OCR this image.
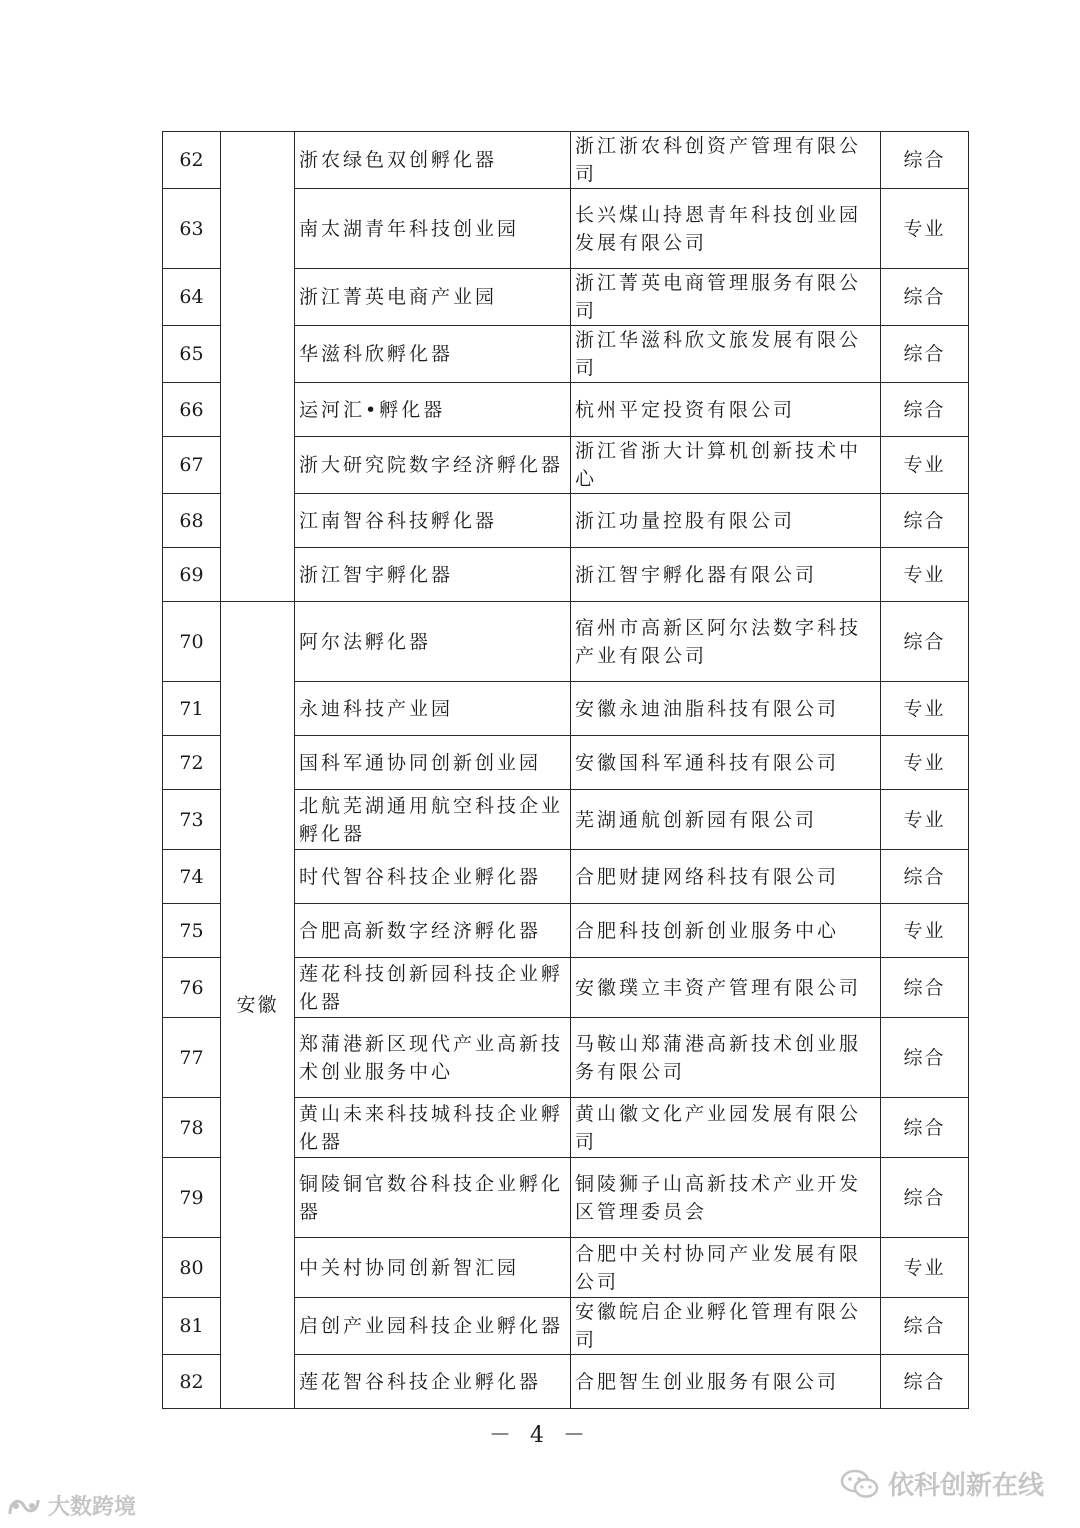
62		浙农绿色双创孵化器	浙江浙农科创资产管理有限公司	综合
63		南太湖青年科技创业园	长兴煤山持恩青年科技创业园发展有限公司	专业
64		浙江菁英电商产业园	浙江菁英电商管理服务有限公司	综合
65		华滋科欣孵化器	浙江华滋科欣文旅发展有限公司	综合
66		运河汇•孵化器	杭州平定投资有限公司	综合
67		浙大研究院数字经济孵化器	浙江省浙大计算机创新技术中心	专业
68		江南智谷科技孵化器	浙江功量控股有限公司	综合
69		浙江智宇孵化器	浙江智宇孵化器有限公司	专业
70	安徽	阿尔法孵化器	宿州市高新区阿尔法数字科技产业有限公司	综合
71		永迪科技产业园	安徽永迪油脂科技有限公司	专业
72		国科军通协同创新创业园	安徽国科军通科技有限公司	专业
73		北航芜湖通用航空科技企业孵化器	芜湖通航创新园有限公司	专业
74		时代智谷科技企业孵化器	合肥财捷网络科技有限公司	综合
75		合肥高新数字经济孵化器	合肥科技创新创业服务中心	专业
76		莲花科技创新园科技企业孵化器	安徽璞立丰资产管理有限公司	综合
77		郑蒲港新区现代产业高新技术创业服务中心	马鞍山郑蒲港高新技术创业服务有限公司	综合
78		黄山未来科技城科技企业孵化器	黄山徽文化产业园发展有限公司	综合
79		铜陵铜官数谷科技企业孵化器	铜陵狮子山高新技术产业开发区管理委员会	综合
80		中关村协同创新智汇园	合肥中关村协同产业发展有限公司	专业
81		启创产业园科技企业孵化器	安徽皖启企业孵化管理有限公司	综合
82		莲花智谷科技企业孵化器	合肥智生创业服务有限公司	综合
－ 4 －
大数跨境
依科创新在线
